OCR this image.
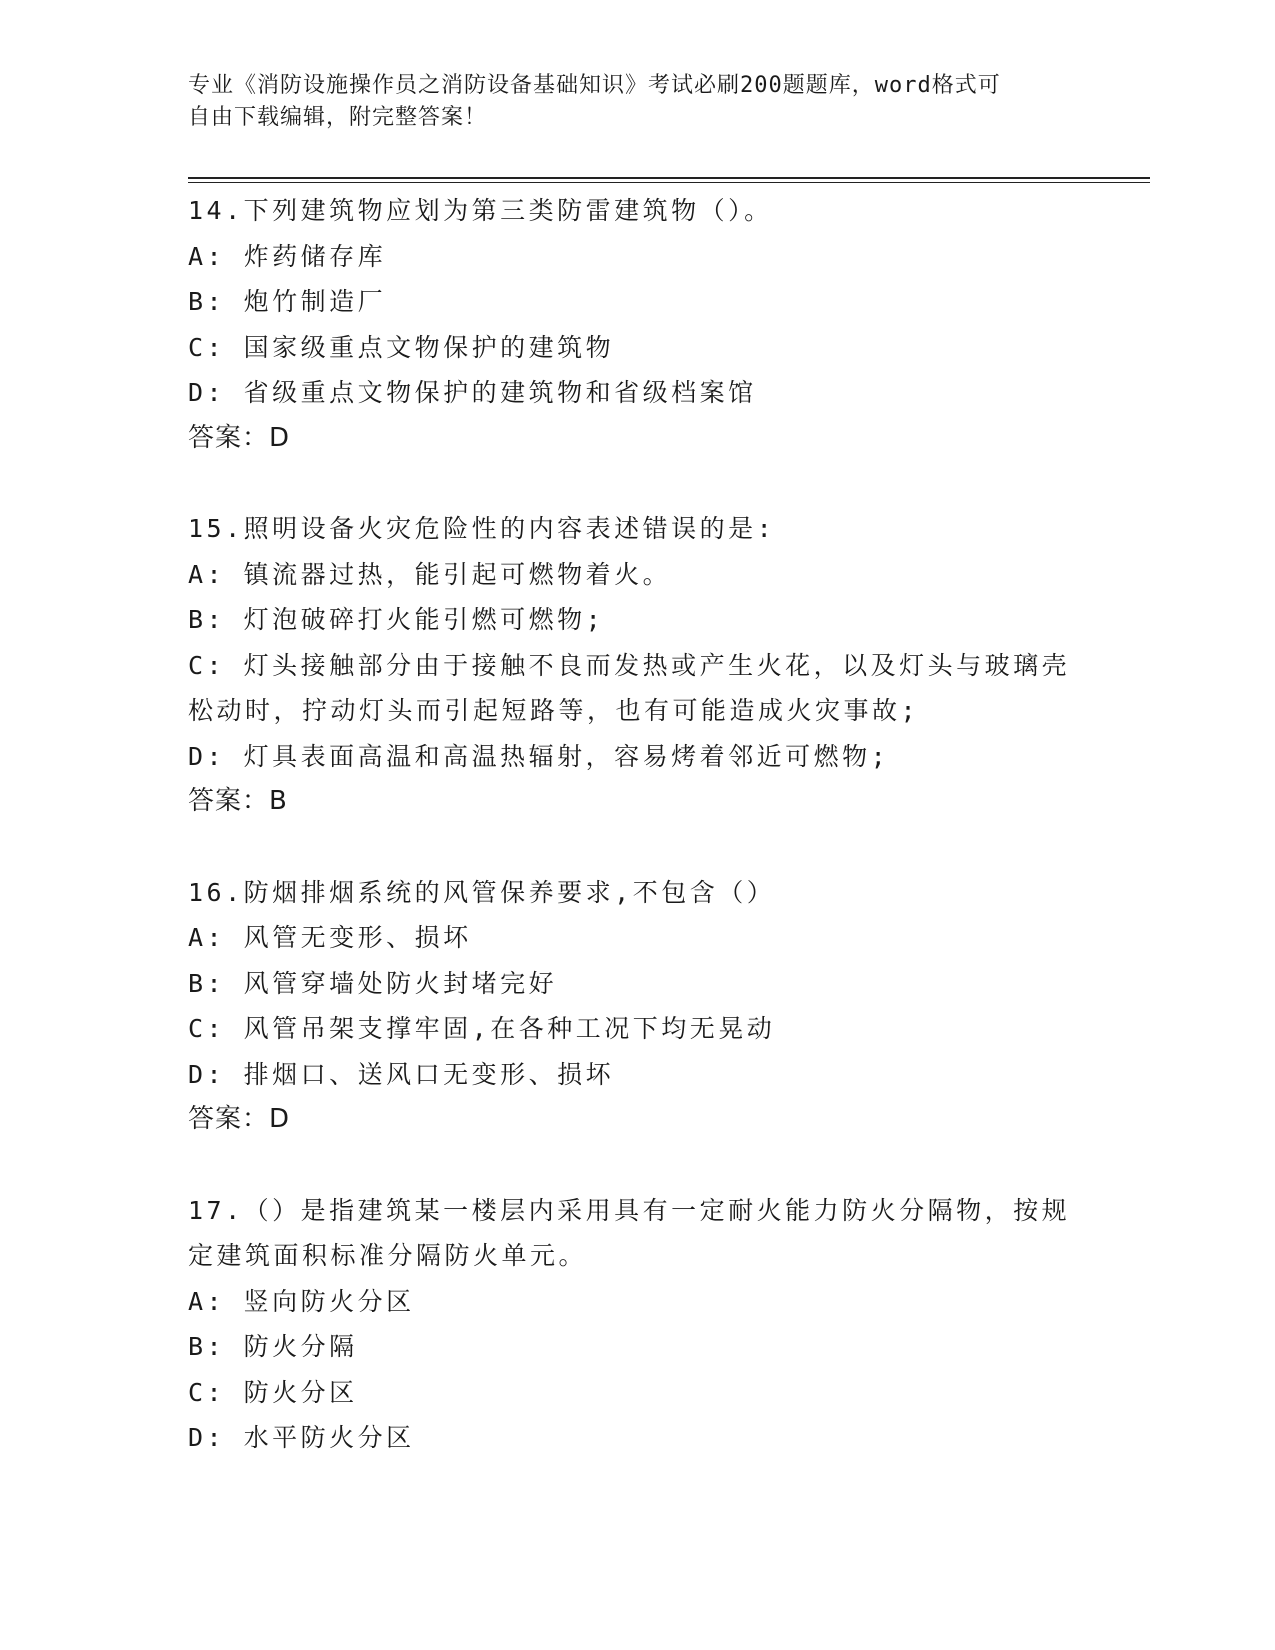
专业《消防设施操作员之消防设备基础知识》考试必刷200题题库，word格式可
自由下载编辑，附完整答案！
14.下列建筑物应划为第三类防雷建筑物（）。
A: 炸药储存库
B: 炮竹制造厂
C: 国家级重点文物保护的建筑物
D: 省级重点文物保护的建筑物和省级档案馆
答案：D
15.照明设备火灾危险性的内容表述错误的是:
A: 镇流器过热，能引起可燃物着火。
B: 灯泡破碎打火能引燃可燃物;
C: 灯头接触部分由于接触不良而发热或产生火花，以及灯头与玻璃壳
松动时，拧动灯头而引起短路等，也有可能造成火灾事故;
D: 灯具表面高温和高温热辐射，容易烤着邻近可燃物;
答案：B
16.防烟排烟系统的风管保养要求,不包含（）
A: 风管无变形、损坏
B: 风管穿墙处防火封堵完好
C: 风管吊架支撑牢固,在各种工况下均无晃动
D: 排烟口、送风口无变形、损坏
答案：D
17.（）是指建筑某一楼层内采用具有一定耐火能力防火分隔物，按规
定建筑面积标准分隔防火单元。
A: 竖向防火分区
B: 防火分隔
C: 防火分区
D: 水平防火分区
